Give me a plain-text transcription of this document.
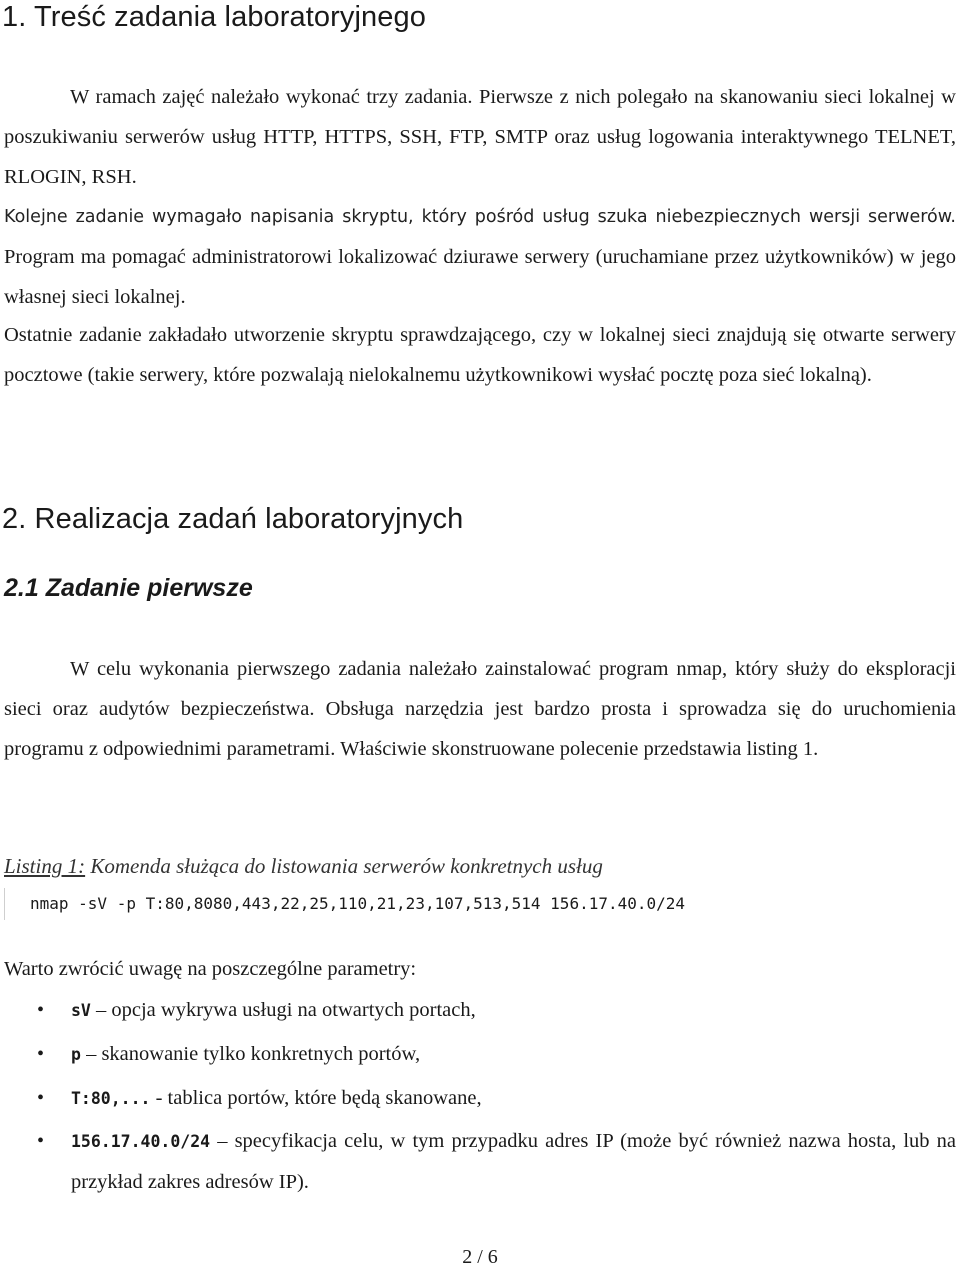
1. Treść zadania laboratoryjnego

W ramach zajęć należało wykonać trzy zadania. Pierwsze z nich polegało na skanowaniu sieci lokalnej w poszukiwaniu serwerów usług HTTP, HTTPS, SSH, FTP, SMTP oraz usług logowania interaktywnego TELNET, RLOGIN, RSH.

Kolejne zadanie wymagało napisania skryptu, który pośród usług szuka niebezpiecznych wersji serwerów. Program ma pomagać administratorowi lokalizować dziurawe serwery (uruchamiane przez użytkowników) w jego własnej sieci lokalnej.

Ostatnie zadanie zakładało utworzenie skryptu sprawdzającego, czy w lokalnej sieci znajdują się otwarte serwery pocztowe (takie serwery, które pozwalają nielokalnemu użytkownikowi wysłać pocztę poza sieć lokalną).

2. Realizacja zadań laboratoryjnych
2.1 Zadanie pierwsze

W celu wykonania pierwszego zadania należało zainstalować program nmap, który służy do eksploracji sieci oraz audytów bezpieczeństwa. Obsługa narzędzia jest bardzo prosta i sprowadza się do uruchomienia programu z odpowiednimi parametrami. Właściwie skonstruowane polecenie przedstawia listing 1.

Listing 1: Komenda służąca do listowania serwerów konkretnych usług

nmap -sV -p T:80,8080,443,22,25,110,21,23,107,513,514 156.17.40.0/24

Warto zwrócić uwagę na poszczególne parametry:

• sV – opcja wykrywa usługi na otwartych portach,
• p – skanowanie tylko konkretnych portów,
• T:80,... - tablica portów, które będą skanowane,
• 156.17.40.0/24 – specyfikacja celu, w tym przypadku adres IP (może być również nazwa hosta, lub na przykład zakres adresów IP).
2 / 6
